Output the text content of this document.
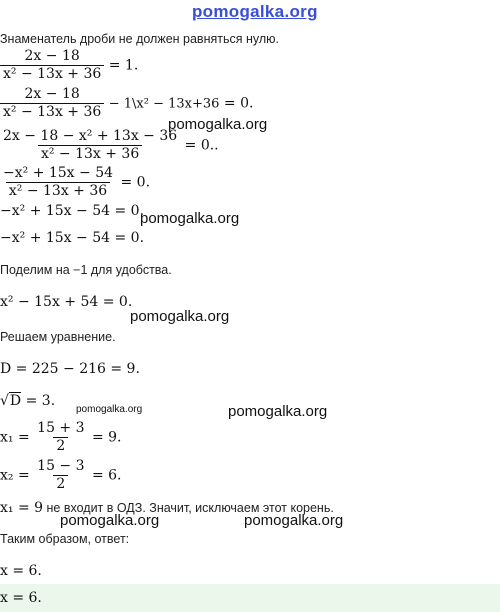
pomogalka.org
Знаменатель дроби не должен равняться нулю.
$\frac{2x - 18}{\text{x² − 13x + 36}} = 1$.
$\frac{2x - 18}{\text{x² − 13x + 36}}$ − 1\x² − 13x+36 = 0.
pomogalka.org
$\frac{\text{2x − 18 − x² + 13x − 36}}{\text{x² − 13x + 36}} = 0$..
$\frac{\text{−x² + 15x − 54}}{\text{x² − 13x + 36}} = 0$.
−x² + 15x − 54 = 0.
pomogalka.org
−x² + 15x − 54 = 0.
Поделим на −1 для удобства.
x² − 15x + 54 = 0.
pomogalka.org
Решаем уравнение.
D = 225 − 216 = 9.
√D = 3.
pomogalka.org	pomogalka.org
$x_1 = \frac{15 + 3}{2} = 9$.
$x_2 = \frac{15 - 3}{2} = 6$.
x₁ = 9 не входит в ОДЗ. Значит, исключаем этот корень.
pomogalka.org	pomogalka.org
Таким образом, ответ:
x = 6.
x = 6.
